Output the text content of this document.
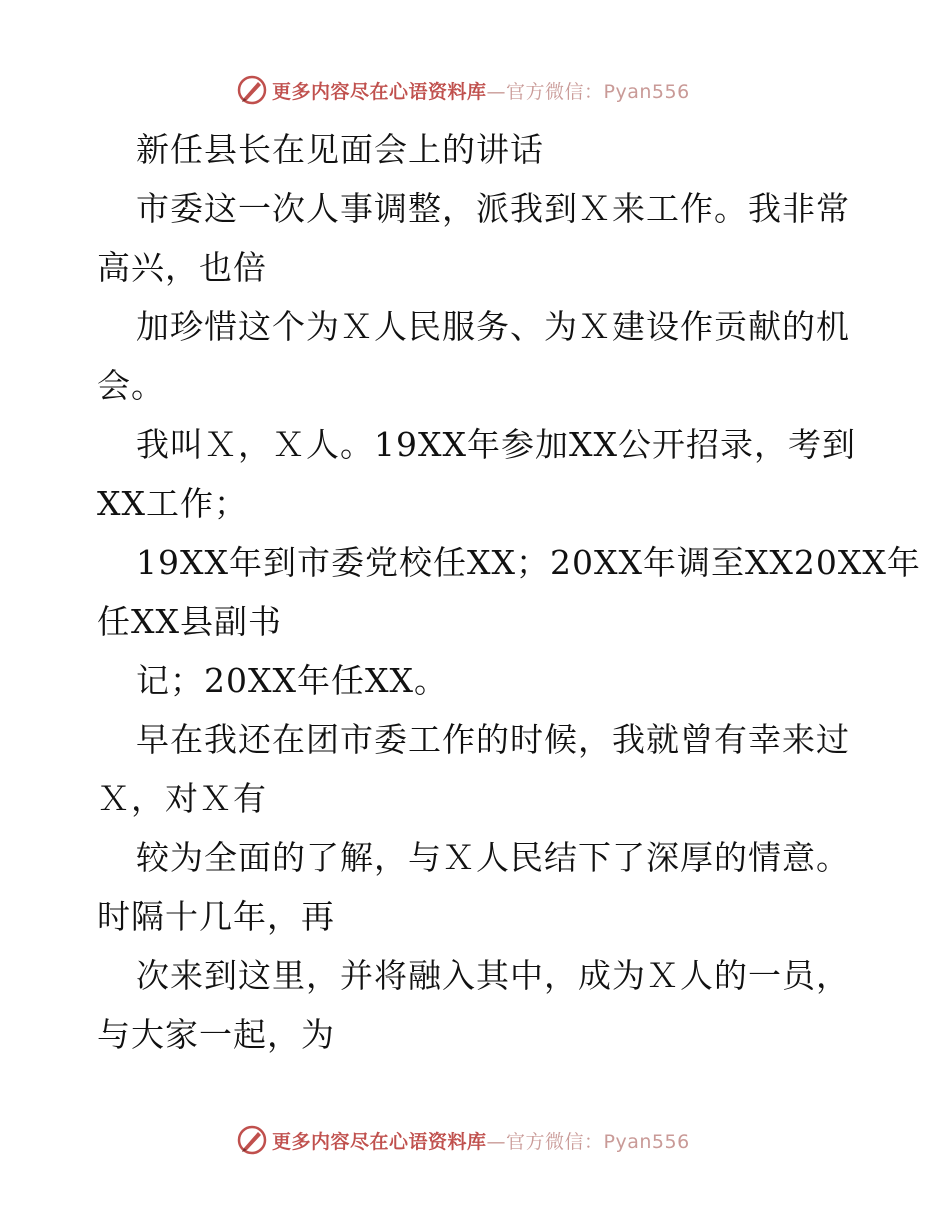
更多内容尽在心语资料库—官方微信：Pyan556
新任县长在见面会上的讲话
市委这一次人事调整，派我到Ｘ来工作。我非常
高兴，也倍
加珍惜这个为Ｘ人民服务、为Ｘ建设作贡献的机
会。
我叫Ｘ，Ｘ人。19XX年参加XX公开招录，考到
XX工作；
19XX年到市委党校任XX；20XX年调至XX20XX年
任XX县副书
记；20XX年任XX。
早在我还在团市委工作的时候，我就曾有幸来过
Ｘ，对Ｘ有
较为全面的了解，与Ｘ人民结下了深厚的情意。
时隔十几年，再
次来到这里，并将融入其中，成为Ｘ人的一员，
与大家一起，为
更多内容尽在心语资料库—官方微信：Pyan556
